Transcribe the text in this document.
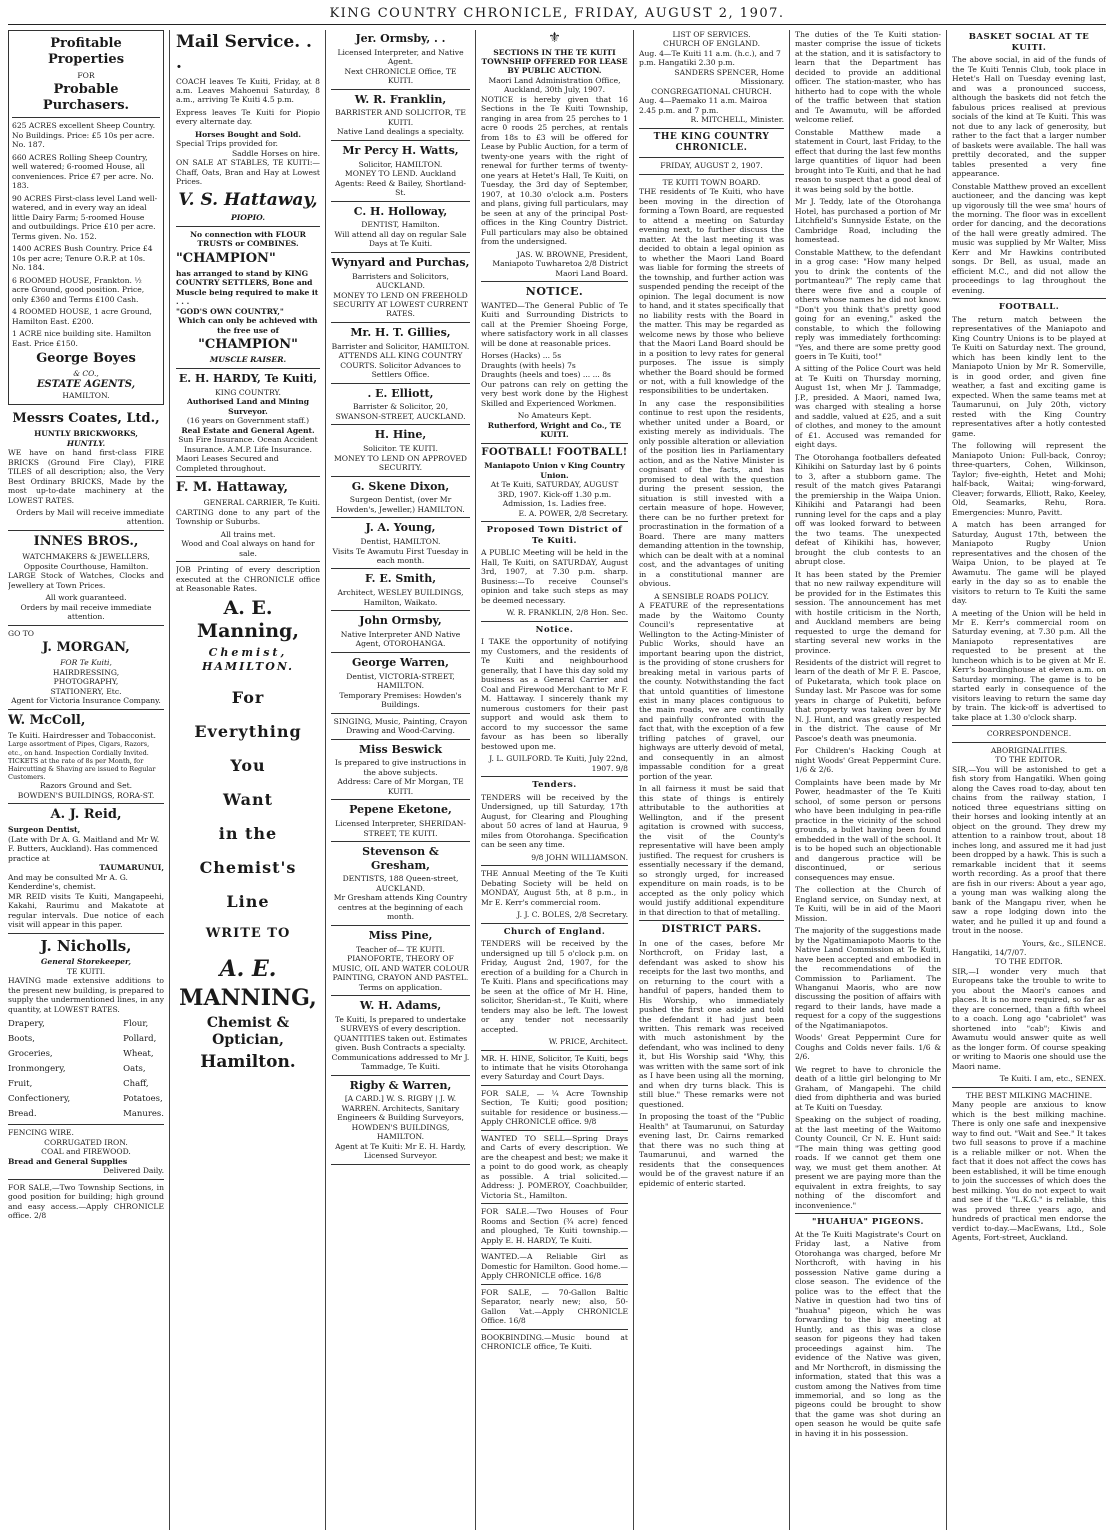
KING COUNTRY CHRONICLE, FRIDAY, AUGUST 2, 1907.
Profitable Properties
FOR
Probable Purchasers.
625 ACRES excellent Sheep Country. No Buildings. Price: £5 10s per acre. No. 187.
660 ACRES Rolling Sheep Country, well watered; 6-roomed House, all conveniences. Price £7 per acre. No. 183.
90 ACRES First-class level Land well-watered, and in every way an ideal little Dairy Farm; 5-roomed House and outbuildings. Price £10 per acre. Terms given. No. 152.
1400 ACRES Bush Country. Price £4 10s per acre; Tenure O.R.P. at 10s. No. 184.
6 ROOMED HOUSE, Frankton. ½ acre Ground, good position. Price, only £360 and Terms £100 Cash.
4 ROOMED HOUSE, 1 acre Ground, Hamilton East. £200.
1 ACRE nice building site. Hamilton East. Price £150.
George Boyes
& CO.,
ESTATE AGENTS,
HAMILTON.
Messrs Coates, Ltd.,
HUNTLY BRICKWORKS,
HUNTLY.

WE have on hand first-class FIRE BRICKS (Ground Fire Clay), FIRE TILES of all description; also, the Very Best Ordinary BRICKS, Made by the most up-to-date machinery at the LOWEST RATES.

Orders by Mail will receive immediate attention.
INNES BROS.,
WATCHMAKERS & JEWELLERS,
Opposite Courthouse, Hamilton.

LARGE Stock of Watches, Clocks and Jewellery at Town Prices.

All work guaranteed.
Orders by mail receive immediate attention.
GO TO
J. MORGAN,
FOR Te Kuiti,
HAIRDRESSING,
PHOTOGRAPHY,
STATIONERY, Etc.
Agent for Victoria Insurance Company.
W. McColl,
Te Kuiti. Hairdresser and Tobacconist.
Large assortment of Pipes, Cigars, Razors, etc., on hand. Inspection Cordially Invited.
TICKETS at the rate of 8s per Month, for Haircutting & Shaving are issued to Regular Customers.
Razors Ground and Set.
BOWDEN'S BUILDINGS, RORA-ST.
A. J. Reid,
Surgeon Dentist,
(Late with Dr A. G. Maitland and Mr W. F. Butters, Auckland). Has commenced practice at
TAUMARUNUI,
And may be consulted Mr A. G. Kenderdine's, chemist.

MR REID visits Te Kuiti, Mangapeehi, Kakahi, Raurimu and Makatote at regular intervals. Due notice of each visit will appear in this paper.

J. Nicholls,
General Storekeeper,
TE KUITI.

HAVING made extensive additions to the present new building, is prepared to supply the undermentioned lines, in any quantity, at LOWEST RATES.

Drapery,
Boots,
Groceries,
Ironmongery,
Fruit,
Confectionery,
Bread.
Flour,
Pollard,
Wheat,
Oats,
Chaff,
Potatoes,
Manures.
FENCING WIRE.
CORRUGATED IRON.
COAL and FIREWOOD.
Bread and General Supplies
Delivered Daily.

FOR SALE,—Two Township Sections, in good position for building; high ground and easy access.—Apply CHRONICLE office. 2/8

Mail Service. . .

COACH leaves Te Kuiti, Friday, at 8 a.m. Leaves Mahoenui Saturday, 8 a.m., arriving Te Kuiti 4.5 p.m.

Express leaves Te Kuiti for Piopio every alternate day.

Horses Bought and Sold.
Special Trips provided for.
Saddle Horses on hire.

ON SALE AT STABLES, TE KUITI:—Chaff, Oats, Bran and Hay at Lowest Prices.

V. S. Hattaway,
PIOPIO.
No connection with FLOUR TRUSTS or COMBINES.
"CHAMPION"
has arranged to stand by KING COUNTRY SETTLERS, Bone and Muscle being required to make it . . .
"GOD'S OWN COUNTRY,"
Which can only be achieved with the free use of
"CHAMPION"
MUSCLE RAISER.
E. H. HARDY, Te Kuiti,
KING COUNTRY.
Authorised Land and Mining Surveyor.
(16 years on Government staff.)
Real Estate and General Agent.
Sun Fire Insurance. Ocean Accident Insurance. A.M.P. Life Insurance.
Maori Leases Secured and Completed throughout.
F. M. Hattaway,
GENERAL CARRIER, Te Kuiti.

CARTING done to any part of the Township or Suburbs.

All trains met.
Wood and Coal always on hand for sale.

JOB Printing of every description executed at the CHRONICLE office at Reasonable Rates.

A. E. Manning,
Chemist,
HAMILTON.
For
Everything
You
Want
in the
Chemist's
Line
WRITE TO
A. E.
MANNING,
Chemist & Optician,
Hamilton.
Jer. Ormsby, . .
Licensed Interpreter, and Native Agent.
Next CHRONICLE Office, TE KUITI.
W. R. Franklin,
BARRISTER AND SOLICITOR, TE KUITI.
Native Land dealings a specialty.
Mr Percy H. Watts,
Solicitor, HAMILTON.
MONEY TO LEND. Auckland Agents: Reed & Bailey, Shortland-St.
C. H. Holloway,
DENTIST, Hamilton.
Will attend all day on regular Sale Days at Te Kuiti.
Wynyard and Purchas,
Barristers and Solicitors, AUCKLAND.
MONEY TO LEND ON FREEHOLD SECURITY AT LOWEST CURRENT RATES.
Mr. H. T. Gillies,
Barrister and Solicitor, HAMILTON.
ATTENDS ALL KING COUNTRY COURTS. Solicitor Advances to Settlers Office.
. E. Elliott,
Barrister & Solicitor, 20, SWANSON-STREET, AUCKLAND.
H. Hine,
Solicitor. TE KUITI.
MONEY TO LEND ON APPROVED SECURITY.
G. Skene Dixon,
Surgeon Dentist, (over Mr Howden's, Jeweller,) HAMILTON.
J. A. Young,
Dentist, HAMILTON.
Visits Te Awamutu First Tuesday in each month.
F. E. Smith,
Architect, WESLEY BUILDINGS, Hamilton, Waikato.
John Ormsby,
Native Interpreter AND Native Agent, OTOROHANGA.
George Warren,
Dentist, VICTORIA-STREET, HAMILTON.
Temporary Premises: Howden's Buildings.
SINGING, Music, Painting, Crayon Drawing and Wood-Carving.
Miss Beswick
Is prepared to give instructions in the above subjects.
Address: Care of Mr Morgan, TE KUITI.
Pepene Eketone,
Licensed Interpreter, SHERIDAN-STREET, TE KUITI.
Stevenson & Gresham,
DENTISTS, 188 Queen-street, AUCKLAND.
Mr Gresham attends King Country centres at the beginning of each month.
Miss Pine,
Teacher of— TE KUITI. PIANOFORTE, THEORY OF MUSIC, OIL AND WATER COLOUR PAINTING, CRAYON AND PASTEL.
Terms on application.
W. H. Adams,
Te Kuiti, Is prepared to undertake SURVEYS of every description.
QUANTITIES taken out. Estimates given. Bush Contracts a specialty. Communications addressed to Mr J. Tammadge, Te Kuiti.
Rigby & Warren,
[A CARD.] W. S. RIGBY | J. W. WARREN. Architects, Sanitary Engineers & Building Surveyors, HOWDEN'S BUILDINGS, HAMILTON.
Agent at Te Kuiti: Mr E. H. Hardy, Licensed Surveyor.
⚜
SECTIONS IN THE TE KUITI TOWNSHIP OFFERED FOR LEASE BY PUBLIC AUCTION.
Maori Land Administration Office, Auckland, 30th July, 1907.

NOTICE is hereby given that 16 Sections in the Te Kuiti Township, ranging in area from 25 perches to 1 acre 0 roods 25 perches, at rentals from 18s to £3 will be offered for Lease by Public Auction, for a term of twenty-one years with the right of renewal for further terms of twenty-one years at Hetet's Hall, Te Kuiti, on Tuesday, the 3rd day of September, 1907, at 10.30 o'clock a.m. Posters and plans, giving full particulars, may be seen at any of the principal Post-offices in the King Country District. Full particulars may also be obtained from the undersigned.

JAS. W. BROWNE, President, Maniapoto Tuwharetoa 2/8 District Maori Land Board.
NOTICE.

WANTED—The General Public of Te Kuiti and Surrounding Districts to call at the Premier Shoeing Forge, where satisfactory work in all classes will be done at reasonable prices.

Horses (Hacks) ... 5s
Draughts (with heels) 7s
Draughts (heels and toes) ... ... 8s

Our patrons can rely on getting the very best work done by the Highest Skilled and Experienced Workmen.

No Amateurs Kept.
Rutherford, Wright and Co., TE KUITI.
FOOTBALL! FOOTBALL!
Maniapoto Union v King Country Union.
At Te Kuiti, SATURDAY, AUGUST 3RD, 1907. Kick-off 1.30 p.m.
Admission, 1s. Ladies free.
E. A. POWER, 2/8 Secretary.
Proposed Town District of Te Kuiti.

A PUBLIC Meeting will be held in the Hall, Te Kuiti, on SATURDAY, August 3rd, 1907, at 7.30 p.m. sharp. Business:—To receive Counsel's opinion and take such steps as may be deemed necessary.

W. R. FRANKLIN, 2/8 Hon. Sec.
Notice.

I TAKE the opportunity of notifying my Customers, and the residents of Te Kuiti and neighbourhood generally, that I have this day sold my business as a General Carrier and Coal and Firewood Merchant to Mr F. M. Hattaway. I sincerely thank my numerous customers for their past support and would ask them to accord to my successor the same favour as has been so liberally bestowed upon me.

J. L. GUILFORD. Te Kuiti, July 22nd, 1907. 9/8
Tenders.

TENDERS will be received by the Undersigned, up till Saturday, 17th August, for Clearing and Ploughing about 50 acres of land at Haurua, 9 miles from Otorohanga. Specification can be seen any time.

9/8 JOHN WILLIAMSON.

THE Annual Meeting of the Te Kuiti Debating Society will be held on MONDAY, August 5th, at 8 p.m., in Mr E. Kerr's commercial room.

J. J. C. BOLES, 2/8 Secretary.
Church of England.

TENDERS will be received by the undersigned up till 5 o'clock p.m. on Friday, August 2nd, 1907, for the erection of a building for a Church in Te Kuiti. Plans and specifications may be seen at the office of Mr H. Hine, solicitor, Sheridan-st., Te Kuiti, where tenders may also be left. The lowest or any tender not necessarily accepted.

W. PRICE, Architect.

MR. H. HINE, Solicitor, Te Kuiti, begs to intimate that he visits Otorohanga every Saturday and Court Days.

FOR SALE, — ¼ Acre Township Section, Te Kuiti; good position; suitable for residence or business.—Apply CHRONICLE office. 9/8

WANTED TO SELL—Spring Drays and Carts of every description. We are the cheapest and best; we make it a point to do good work, as cheaply as possible. A trial solicited.—Address: J. POMEROY, Coachbuilder, Victoria St., Hamilton.

FOR SALE.—Two Houses of Four Rooms and Section (¾ acre) fenced and ploughed, Te Kuiti township.—Apply E. H. HARDY, Te Kuiti.

WANTED.—A Reliable Girl as Domestic for Hamilton. Good home.—Apply CHRONICLE office. 16/8

FOR SALE, — 70-Gallon Baltic Separator, nearly new; also, 50-Gallon Vat.—Apply CHRONICLE Office. 16/8

BOOKBINDING.—Music bound at CHRONICLE office, Te Kuiti.

LIST OF SERVICES.
CHURCH OF ENGLAND.
Aug. 4—Te Kuiti 11 a.m. (h.c.), and 7 p.m. Hangatiki 2.30 p.m.
SANDERS SPENCER, Home Missionary.
CONGREGATIONAL CHURCH.
Aug. 4—Paemako 11 a.m. Mairoa 2.45 p.m. and 7 p.m.
R. MITCHELL, Minister.
THE KING COUNTRY CHRONICLE.
FRIDAY, AUGUST 2, 1907.
TE KUITI TOWN BOARD.

THE residents of Te Kuiti, who have been moving in the direction of forming a Town Board, are requested to attend a meeting on Saturday evening next, to further discuss the matter. At the last meeting it was decided to obtain a legal opinion as to whether the Maori Land Board was liable for forming the streets of the township, and further action was suspended pending the receipt of the opinion. The legal document is now to hand, and it states specifically that no liability rests with the Board in the matter. This may be regarded as welcome news by those who believe that the Maori Land Board should be in a position to levy rates for general purposes. The issue is simply whether the Board should be formed or not, with a full knowledge of the responsibilities to be undertaken.

In any case the responsibilities continue to rest upon the residents, whether united under a Board, or existing merely as individuals. The only possible alteration or alleviation of the position lies in Parliamentary action, and as the Native Minister is cognisant of the facts, and has promised to deal with the question during the present session, the situation is still invested with a certain measure of hope. However, there can be no further pretext for procrastination in the formation of a Board. There are many matters demanding attention in the township, which can be dealt with at a nominal cost, and the advantages of uniting in a constitutional manner are obvious.

A SENSIBLE ROADS POLICY.

A FEATURE of the representations made by the Waitomo County Council's representative at Wellington to the Acting-Minister of Public Works, should have an important bearing upon the district, is the providing of stone crushers for breaking metal in various parts of the county. Notwithstanding the fact that untold quantities of limestone exist in many places contiguous to the main roads, we are continually and painfully confronted with the fact that, with the exception of a few trifling patches of gravel, our highways are utterly devoid of metal, and consequently in an almost impassable condition for a great portion of the year.

In all fairness it must be said that this state of things is entirely attributable to the authorities at Wellington, and if the present agitation is crowned with success, the visit of the County's representative will have been amply justified. The request for crushers is essentially necessary if the demand, so strongly urged, for increased expenditure on main roads, is to be accepted as the only policy which would justify additional expenditure in that direction to that of metalling.

DISTRICT PARS.

In one of the cases, before Mr Northcroft, on Friday last, a defendant was asked to show his receipts for the last two months, and on returning to the court with a handful of papers, handed them to His Worship, who immediately pushed the first one aside and told the defendant it had just been written. This remark was received with much astonishment by the defendant, who was inclined to deny it, but His Worship said "Why, this was written with the same sort of ink as I have been using all the morning, and when dry turns black. This is still blue." These remarks were not questioned.

In proposing the toast of the "Public Health" at Taumarunui, on Saturday evening last, Dr. Cairns remarked that there was no such thing at Taumarunui, and warned the residents that the consequences would be of the gravest nature if an epidemic of enteric started.

The duties of the Te Kuiti station-master comprise the issue of tickets at the station, and it is satisfactory to learn that the Department has decided to provide an additional officer. The station-master, who has hitherto had to cope with the whole of the traffic between that station and Te Awamutu, will be afforded welcome relief.

Constable Matthew made a statement in Court, last Friday, to the effect that during the last few months large quantities of liquor had been brought into Te Kuiti, and that he had reason to suspect that a good deal of it was being sold by the bottle.

Mr J. Teddy, late of the Otorohanga Hotel, has purchased a portion of Mr Litchfield's Sunnyside Estate, on the Cambridge Road, including the homestead.

Constable Matthew, to the defendant in a grog case: "How many helped you to drink the contents of the portmanteau?" The reply came that there were five and a couple of others whose names he did not know. "Don't you think that's pretty good going for an evening," asked the constable, to which the following reply was immediately forthcoming: "Yes, and there are some pretty good goers in Te Kuiti, too!"

A sitting of the Police Court was held at Te Kuiti on Thursday morning, August 1st, when Mr J. Tammadge, J.P., presided. A Maori, named Iwa, was charged with stealing a horse and saddle, valued at £25, and a suit of clothes, and money to the amount of £1. Accused was remanded for eight days.

The Otorohanga footballers defeated Kihikihi on Saturday last by 6 points to 3, after a stubborn game. The result of the match gives Patarangi the premiership in the Waipa Union. Kihikihi and Patarangi had been running level for the caps and a play off was looked forward to between the two teams. The unexpected defeat of Kihikihi has, however, brought the club contests to an abrupt close.

It has been stated by the Premier that no new railway expenditure will be provided for in the Estimates this session. The announcement has met with hostile criticism in the North, and Auckland members are being requested to urge the demand for starting several new works in the province.

Residents of the district will regret to learn of the death of Mr F. E. Pascoe, of Puketarata, which took place on Sunday last. Mr Pascoe was for some years in charge of Puketiti, before that property was taken over by Mr N. J. Hunt, and was greatly respected in the district. The cause of Mr Pascoe's death was pneumonia.

For Children's Hacking Cough at night Woods' Great Peppermint Cure. 1/6 & 2/6.

Complaints have been made by Mr Power, headmaster of the Te Kuiti school, of some person or persons who have been indulging in pea-rifle practice in the vicinity of the school grounds, a bullet having been found embedded in the wall of the school. It is to be hoped such an objectionable and dangerous practice will be discontinued, or serious consequences may ensue.

The collection at the Church of England service, on Sunday next, at Te Kuiti, will be in aid of the Maori Mission.

The majority of the suggestions made by the Ngatimaniapoto Maoris to the Native Land Commission at Te Kuiti, have been accepted and embodied in the recommendations of the Commission to Parliament. The Whanganui Maoris, who are now discussing the position of affairs with regard to their lands, have made a request for a copy of the suggestions of the Ngatimaniapotos.

Woods' Great Peppermint Cure for Coughs and Colds never fails. 1/6 & 2/6.

We regret to have to chronicle the death of a little girl belonging to Mr Graham, of Mangapehi. The child died from diphtheria and was buried at Te Kuiti on Tuesday.

Speaking on the subject of roading, at the last meeting of the Waitomo County Council, Cr N. E. Hunt said: "The main thing was getting good roads. If we cannot get them one way, we must get them another. At present we are paying more than the equivalent in extra freights, to say nothing of the discomfort and inconvenience."

"HUAHUA" PIGEONS.

At the Te Kuiti Magistrate's Court on Friday last, a Native from Otorohanga was charged, before Mr Northcroft, with having in his possession Native game during a close season. The evidence of the police was to the effect that the Native in question had two tins of "huahua" pigeon, which he was forwarding to the big meeting at Huntly, and as this was a close season for pigeons they had taken proceedings against him. The evidence of the Native was given, and Mr Northcroft, in dismissing the information, stated that this was a custom among the Natives from time immemorial, and so long as the pigeons could be brought to show that the game was shot during an open season he would be quite safe in having it in his possession.

BASKET SOCIAL AT TE KUITI.

The above social, in aid of the funds of the Te Kuiti Tennis Club, took place in Hetet's Hall on Tuesday evening last, and was a pronounced success, although the baskets did not fetch the fabulous prices realised at previous socials of the kind at Te Kuiti. This was not due to any lack of generosity, but rather to the fact that a larger number of baskets were available. The hall was prettily decorated, and the supper tables presented a very fine appearance.

Constable Matthew proved an excellent auctioneer, and the dancing was kept up vigorously till the wee sma' hours of the morning. The floor was in excellent order for dancing, and the decorations of the hall were greatly admired. The music was supplied by Mr Walter, Miss Kerr and Mr Hawkins contributed songs. Dr Bell, as usual, made an efficient M.C., and did not allow the proceedings to lag throughout the evening.

FOOTBALL.

The return match between the representatives of the Maniapoto and King Country Unions is to be played at Te Kuiti on Saturday next. The ground, which has been kindly lent to the Maniapoto Union by Mr R. Somerville, is in good order, and given fine weather, a fast and exciting game is expected. When the same teams met at Taumarunui, on July 20th, victory rested with the King Country representatives after a hotly contested game.

The following will represent the Maniapoto Union: Full-back, Conroy; three-quarters, Cohen, Wilkinson, Taylor; five-eighth, Hetet and Mohi; half-back, Waitai; wing-forward, Cleaver; forwards, Elliott, Rako, Keeley, Old, Seamarks, Rehu, Rora. Emergencies: Munro, Pavitt.

A match has been arranged for Saturday, August 17th, between the Maniapoto Rugby Union representatives and the chosen of the Waipa Union, to be played at Te Awamutu. The game will be played early in the day so as to enable the visitors to return to Te Kuiti the same day.

A meeting of the Union will be held in Mr E. Kerr's commercial room on Saturday evening, at 7.30 p.m. All the Maniapoto representatives are requested to be present at the luncheon which is to be given at Mr E. Kerr's boardinghouse at eleven a.m. on Saturday morning. The game is to be started early in consequence of the visitors leaving to return the same day by train. The kick-off is advertised to take place at 1.30 o'clock sharp.

CORRESPONDENCE.
ABORIGINALITIES.
TO THE EDITOR.

SIR,—You will be astonished to get a fish story from Hangatiki. When going along the Caves road to-day, about ten chains from the railway station, I noticed three equestrians sitting on their horses and looking intently at an object on the ground. They drew my attention to a rainbow trout, about 18 inches long, and assured me it had just been dropped by a hawk. This is such a remarkable incident that it seems worth recording. As a proof that there are fish in our rivers: About a year ago, a young man was walking along the bank of the Mangapu river, when he saw a rope lodging down into the water, and he pulled it up and found a trout in the noose.

Yours, &c., SILENCE.
Hangatiki, 14/7/07.
TO THE EDITOR.

SIR,—I wonder very much that Europeans take the trouble to write to you about the Maori's canoes and places. It is no more required, so far as they are concerned, than a fifth wheel to a coach. Long ago "cabriolet" was shortened into "cab"; Kiwis and Awamutu would answer quite as well as the longer form. Of course speaking or writing to Maoris one should use the Maori name.

Te Kuiti. I am, etc., SENEX.
THE BEST MILKING MACHINE.

Many people are anxious to know which is the best milking machine. There is only one safe and inexpensive way to find out. "Wait and See." It takes two full seasons to prove if a machine is a reliable milker or not. When the fact that it does not affect the cows has been established, it will be time enough to join the successes of which does the best milking. You do not expect to wait and see if the "L.K.G." is reliable, this was proved three years ago, and hundreds of practical men endorse the verdict to-day.—MacEwans, Ltd., Sole Agents, Fort-street, Auckland.
